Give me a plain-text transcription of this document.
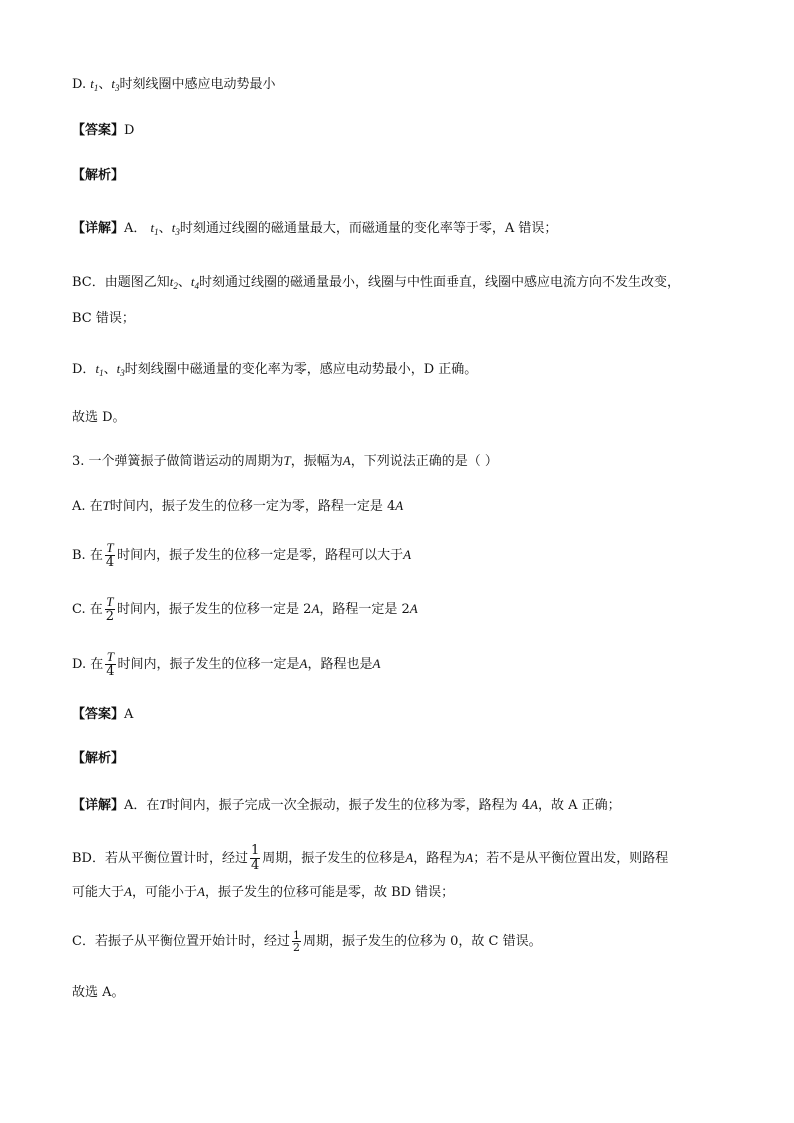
D. $t_1$、$t_3$时刻线圈中感应电动势最小
【答案】D
【解析】
【详解】A． $t_1$、$t_3$时刻通过线圈的磁通量最大，而磁通量的变化率等于零，A 错误；
BC．由题图乙知$t_2$、$t_4$时刻通过线圈的磁通量最小，线圈与中性面垂直，线圈中感应电流方向不发生改变，
BC 错误；
D．$t_1$、$t_3$时刻线圈中磁通量的变化率为零，感应电动势最小，D 正确。
故选 D。
3. 一个弹簧振子做简谐运动的周期为T，振幅为A，下列说法正确的是（ ）
A. 在T时间内，振子发生的位移一定为零，路程一定是 4A
B. 在 $\frac{T}{4}$ 时间内，振子发生的位移一定是零，路程可以大于A
C. 在 $\frac{T}{2}$ 时间内，振子发生的位移一定是 2A，路程一定是 2A
D. 在 $\frac{T}{4}$ 时间内，振子发生的位移一定是A，路程也是A
【答案】A
【解析】
【详解】A．在T时间内，振子完成一次全振动，振子发生的位移为零，路程为 4A，故 A 正确；
BD．若从平衡位置计时，经过 $\frac{1}{4}$ 周期，振子发生的位移是A，路程为A；若不是从平衡位置出发，则路程
可能大于A，可能小于A，振子发生的位移可能是零，故 BD 错误；
C．若振子从平衡位置开始计时，经过 $\frac{1}{2}$ 周期，振子发生的位移为 0，故 C 错误。
故选 A。
